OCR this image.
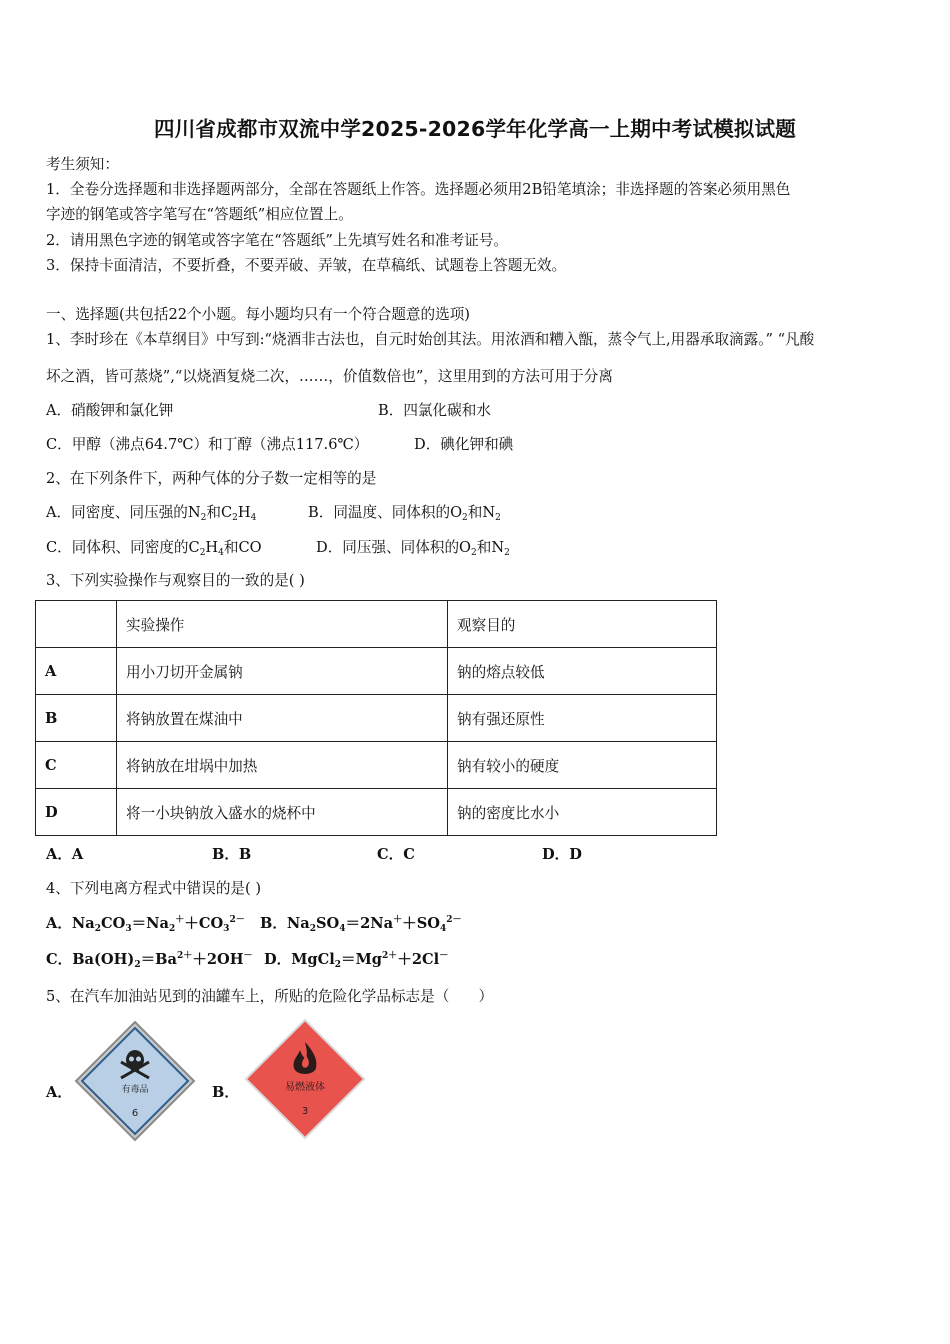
四川省成都市双流中学2025-2026学年化学高一上期中考试模拟试题
考生须知：
1．全卷分选择题和非选择题两部分，全部在答题纸上作答。选择题必须用2B铅笔填涂；非选择题的答案必须用黑色
字迹的钢笔或答字笔写在“答题纸”相应位置上。
2．请用黑色字迹的钢笔或答字笔在“答题纸”上先填写姓名和准考证号。
3．保持卡面清洁，不要折叠，不要弄破、弄皱，在草稿纸、试题卷上答题无效。
一、选择题(共包括22个小题。每小题均只有一个符合题意的选项)
1、李时珍在《本草纲目》中写到:“烧酒非古法也，自元时始创其法。用浓酒和糟入甑，蒸令气上,用器承取滴露。” “凡酸
坏之酒，皆可蒸烧”,“以烧酒复烧二次，……，价值数倍也”，这里用到的方法可用于分离
A．硝酸钾和氯化钾	B．四氯化碳和水
C．甲醇（沸点64.7℃）和丁醇（沸点117.6℃）	D．碘化钾和碘
2、在下列条件下，两种气体的分子数一定相等的是
A．同密度、同压强的$N_2$和$C_2H_4$	B．同温度、同体积的$O_2$和$N_2$
C．同体积、同密度的$C_2H_4$和CO	D．同压强、同体积的$O_2$和$N_2$
3、下列实验操作与观察目的一致的是( )
	实验操作	观察目的
A	用小刀切开金属钠	钠的熔点较低
B	将钠放置在煤油中	钠有强还原性
C	将钠放在坩埚中加热	钠有较小的硬度
D	将一小块钠放入盛水的烧杯中	钠的密度比水小
A．A	B．B	C．C	D．D
4、下列电离方程式中错误的是( )
A．$Na_2CO_3=Na_2^++CO_3^{2-}$ B．$Na_2SO_4=2Na^++SO_4^{2-}$
C．$Ba(OH)_2=Ba^{2+}+2OH^-$ D．$MgCl_2=Mg^{2+}+2Cl^-$
5、在汽车加油站见到的油罐车上，所贴的危险化学品标志是（　　）
A．	B．
有毒品
6
易燃液体
3
